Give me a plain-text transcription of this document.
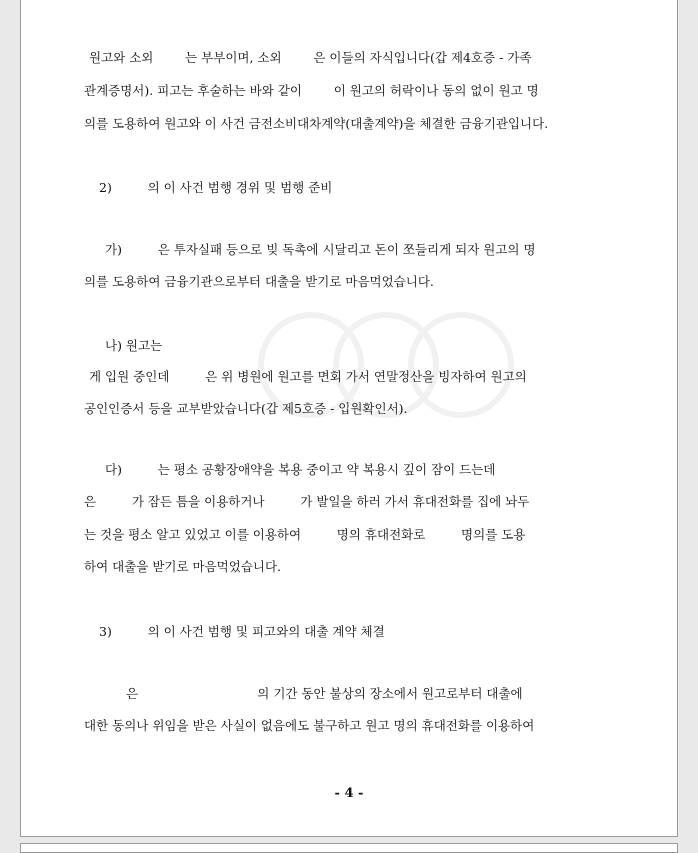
원고와 소외        는 부부이며, 소외        은 이들의 자식입니다(갑 제4호증 - 가족
관계증명서). 피고는 후술하는 바와 같이        이 원고의 허락이나 동의 없이 원고 명
의를 도용하여 원고와 이 사건 금전소비대차계약(대출계약)을 체결한 금융기관입니다.
2)         의 이 사건 범행 경위 및 범행 준비
가)         은 투자실패 등으로 빚 독촉에 시달리고 돈이 쪼들리게 되자 원고의 명
의를 도용하여 금융기관으로부터 대출을 받기로 마음먹었습니다.
나) 원고는
게 입원 중인데         은 위 병원에 원고를 면회 가서 연말정산을 빙자하여 원고의
공인인증서 등을 교부받았습니다(갑 제5호증 - 입원확인서).
다)         는 평소 공황장애약을 복용 중이고 약 복용시 깊이 잠이 드는데
은         가 잠든 틈을 이용하거나         가 발일을 하러 가서 휴대전화를 집에 놔두
는 것을 평소 알고 있었고 이를 이용하여         명의 휴대전화로         명의를 도용
하여 대출을 받기로 마음먹었습니다.
3)         의 이 사건 범행 및 피고와의 대출 계약 체결
은                              의 기간 동안 불상의 장소에서 원고로부터 대출에
대한 동의나 위임을 받은 사실이 없음에도 불구하고 원고 명의 휴대전화를 이용하여
- 4 -
